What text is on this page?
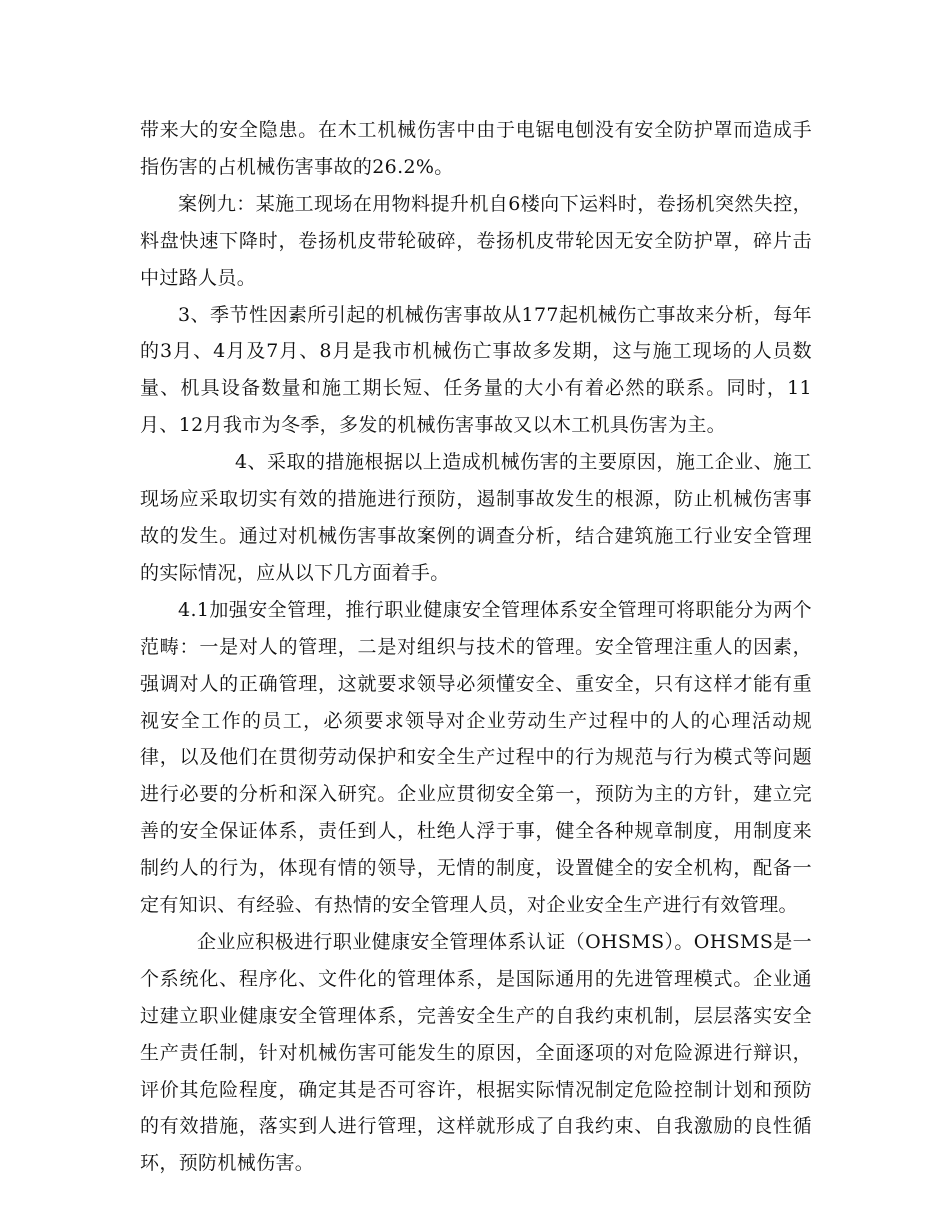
带来大的安全隐患。在木工机械伤害中由于电锯电刨没有安全防护罩而造成手指伤害的占机械伤害事故的26.2%。

案例九：某施工现场在用物料提升机自6楼向下运料时，卷扬机突然失控，料盘快速下降时，卷扬机皮带轮破碎，卷扬机皮带轮因无安全防护罩，碎片击中过路人员。

3、季节性因素所引起的机械伤害事故从177起机械伤亡事故来分析，每年的3月、4月及7月、8月是我市机械伤亡事故多发期，这与施工现场的人员数量、机具设备数量和施工期长短、任务量的大小有着必然的联系。同时，11月、12月我市为冬季，多发的机械伤害事故又以木工机具伤害为主。

4、采取的措施根据以上造成机械伤害的主要原因，施工企业、施工现场应采取切实有效的措施进行预防，遏制事故发生的根源，防止机械伤害事故的发生。通过对机械伤害事故案例的调查分析，结合建筑施工行业安全管理的实际情况，应从以下几方面着手。

4.1加强安全管理，推行职业健康安全管理体系安全管理可将职能分为两个范畴：一是对人的管理，二是对组织与技术的管理。安全管理注重人的因素，强调对人的正确管理，这就要求领导必须懂安全、重安全，只有这样才能有重视安全工作的员工，必须要求领导对企业劳动生产过程中的人的心理活动规律，以及他们在贯彻劳动保护和安全生产过程中的行为规范与行为模式等问题进行必要的分析和深入研究。企业应贯彻安全第一，预防为主的方针，建立完善的安全保证体系，责任到人，杜绝人浮于事，健全各种规章制度，用制度来制约人的行为，体现有情的领导，无情的制度，设置健全的安全机构，配备一定有知识、有经验、有热情的安全管理人员，对企业安全生产进行有效管理。

企业应积极进行职业健康安全管理体系认证（OHSMS）。OHSMS是一个系统化、程序化、文件化的管理体系，是国际通用的先进管理模式。企业通过建立职业健康安全管理体系，完善安全生产的自我约束机制，层层落实安全生产责任制，针对机械伤害可能发生的原因，全面逐项的对危险源进行辩识，评价其危险程度，确定其是否可容许，根据实际情况制定危险控制计划和预防的有效措施，落实到人进行管理，这样就形成了自我约束、自我激励的良性循环，预防机械伤害。
